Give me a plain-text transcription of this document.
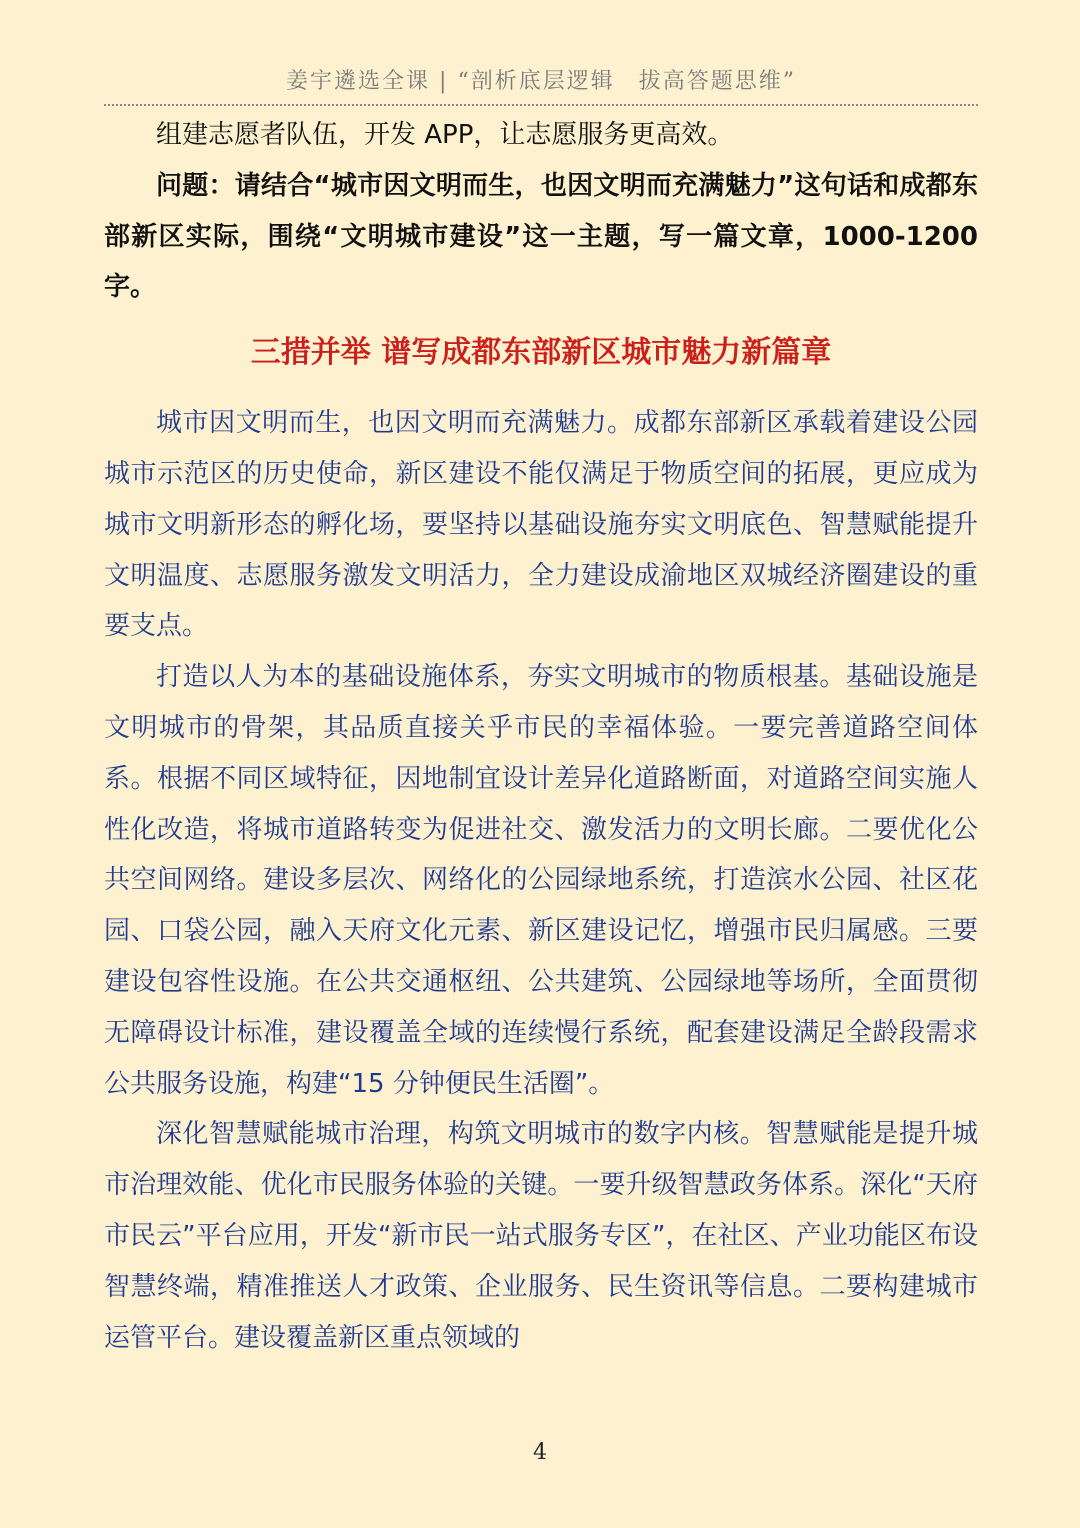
姜宇遴选全课 | “剖析底层逻辑　拔高答题思维”

组建志愿者队伍，开发 APP，让志愿服务更高效。

问题：请结合“城市因文明而生，也因文明而充满魅力”这句话和成都东部新区实际，围绕“文明城市建设”这一主题，写一篇文章，1000-1200 字。

三措并举 谱写成都东部新区城市魅力新篇章

城市因文明而生，也因文明而充满魅力。成都东部新区承载着建设公园城市示范区的历史使命，新区建设不能仅满足于物质空间的拓展，更应成为城市文明新形态的孵化场，要坚持以基础设施夯实文明底色、智慧赋能提升文明温度、志愿服务激发文明活力，全力建设成渝地区双城经济圈建设的重要支点。

打造以人为本的基础设施体系，夯实文明城市的物质根基。基础设施是文明城市的骨架，其品质直接关乎市民的幸福体验。一要完善道路空间体系。根据不同区域特征，因地制宜设计差异化道路断面，对道路空间实施人性化改造，将城市道路转变为促进社交、激发活力的文明长廊。二要优化公共空间网络。建设多层次、网络化的公园绿地系统，打造滨水公园、社区花园、口袋公园，融入天府文化元素、新区建设记忆，增强市民归属感。三要建设包容性设施。在公共交通枢纽、公共建筑、公园绿地等场所，全面贯彻无障碍设计标准，建设覆盖全域的连续慢行系统，配套建设满足全龄段需求公共服务设施，构建“15 分钟便民生活圈”。

深化智慧赋能城市治理，构筑文明城市的数字内核。智慧赋能是提升城市治理效能、优化市民服务体验的关键。一要升级智慧政务体系。深化“天府市民云”平台应用，开发“新市民一站式服务专区”，在社区、产业功能区布设智慧终端，精准推送人才政策、企业服务、民生资讯等信息。二要构建城市运管平台。建设覆盖新区重点领域的

4
